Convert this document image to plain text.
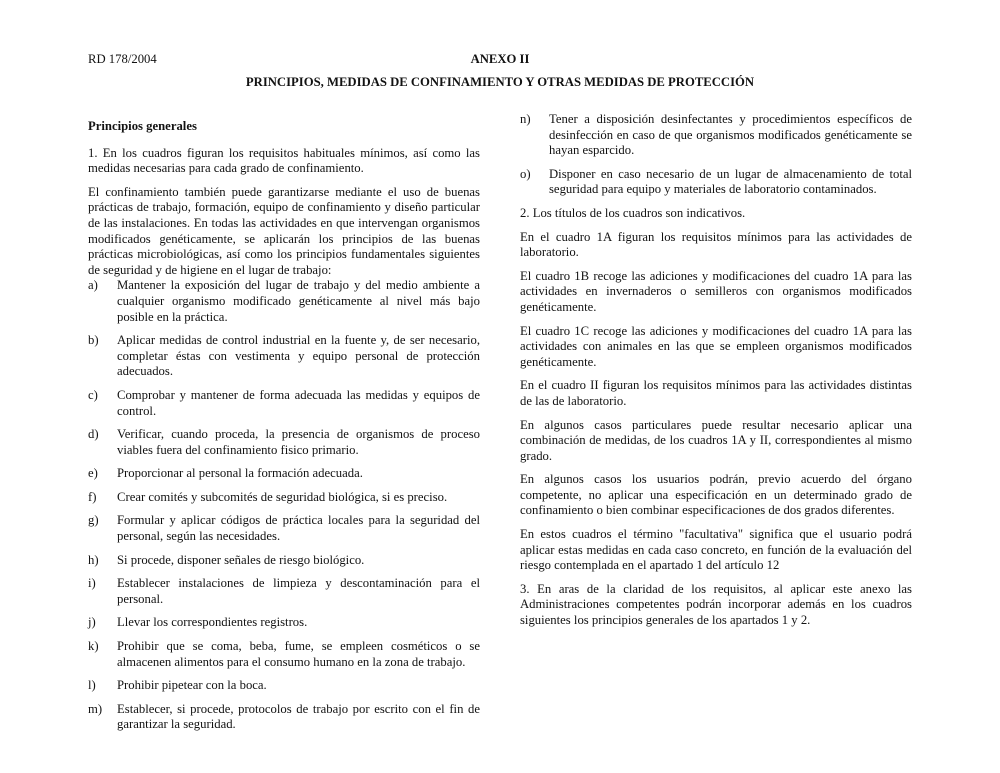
RD 178/2004	ANEXO II
PRINCIPIOS, MEDIDAS DE CONFINAMIENTO Y OTRAS MEDIDAS DE PROTECCIÓN
Principios generales

1. En los cuadros figuran los requisitos habituales mínimos, así como las medidas necesarias para cada grado de confinamiento.

El confinamiento también puede garantizarse mediante el uso de buenas prácticas de trabajo, formación, equipo de confinamiento y diseño particular de las instalaciones. En todas las actividades en que intervengan organismos modificados genéticamente, se aplicarán los principios de las buenas prácticas microbiológicas, así como los principios fundamentales siguientes de seguridad y de higiene en el lugar de trabajo:

a)	Mantener la exposición del lugar de trabajo y del medio ambiente a cualquier organismo modificado genéticamente al nivel más bajo posible en la práctica.
b)	Aplicar medidas de control industrial en la fuente y, de ser necesario, completar éstas con vestimenta y equipo personal de protección adecuados.
c)	Comprobar y mantener de forma adecuada las medidas y equipos de control.
d)	Verificar, cuando proceda, la presencia de organismos de proceso viables fuera del confinamiento fisico primario.
e)	Proporcionar al personal la formación adecuada.
f)	Crear comités y subcomités de seguridad biológica, si es preciso.
g)	Formular y aplicar códigos de práctica locales para la seguridad del personal, según las necesidades.
h)	Si procede, disponer señales de riesgo biológico.
i)	Establecer instalaciones de limpieza y descontaminación para el personal.
j)	Llevar los correspondientes registros.
k)	Prohibir que se coma, beba, fume, se empleen cosméticos o se almacenen alimentos para el consumo humano en la zona de trabajo.
l)	Prohibir pipetear con la boca.
m)	Establecer, si procede, protocolos de trabajo por escrito con el fin de garantizar la seguridad.
n)	Tener a disposición desinfectantes y procedimientos específicos de desinfección en caso de que organismos modificados genéticamente se hayan esparcido.
o)	Disponer en caso necesario de un lugar de almacenamiento de total seguridad para equipo y materiales de laboratorio contaminados.

2. Los títulos de los cuadros son indicativos.

En el cuadro 1A figuran los requisitos mínimos para las actividades de laboratorio.

El cuadro 1B recoge las adiciones y modificaciones del cuadro 1A para las actividades en invernaderos o semilleros con organismos modificados genéticamente.

El cuadro 1C recoge las adiciones y modificaciones del cuadro 1A para las actividades con animales en las que se empleen organismos modificados genéticamente.

En el cuadro II figuran los requisitos mínimos para las actividades distintas de las de laboratorio.

En algunos casos particulares puede resultar necesario aplicar una combinación de medidas, de los cuadros 1A y II, correspondientes al mismo grado.

En algunos casos los usuarios podrán, previo acuerdo del órgano competente, no aplicar una especificación en un determinado grado de confinamiento o bien combinar especificaciones de dos grados diferentes.

En estos cuadros el término "facultativa" significa que el usuario podrá aplicar estas medidas en cada caso concreto, en función de la evaluación del riesgo contemplada en el apartado 1 del artículo 12

3. En aras de la claridad de los requisitos, al aplicar este anexo las Administraciones competentes podrán incorporar además en los cuadros siguientes los principios generales de los apartados 1 y 2.
